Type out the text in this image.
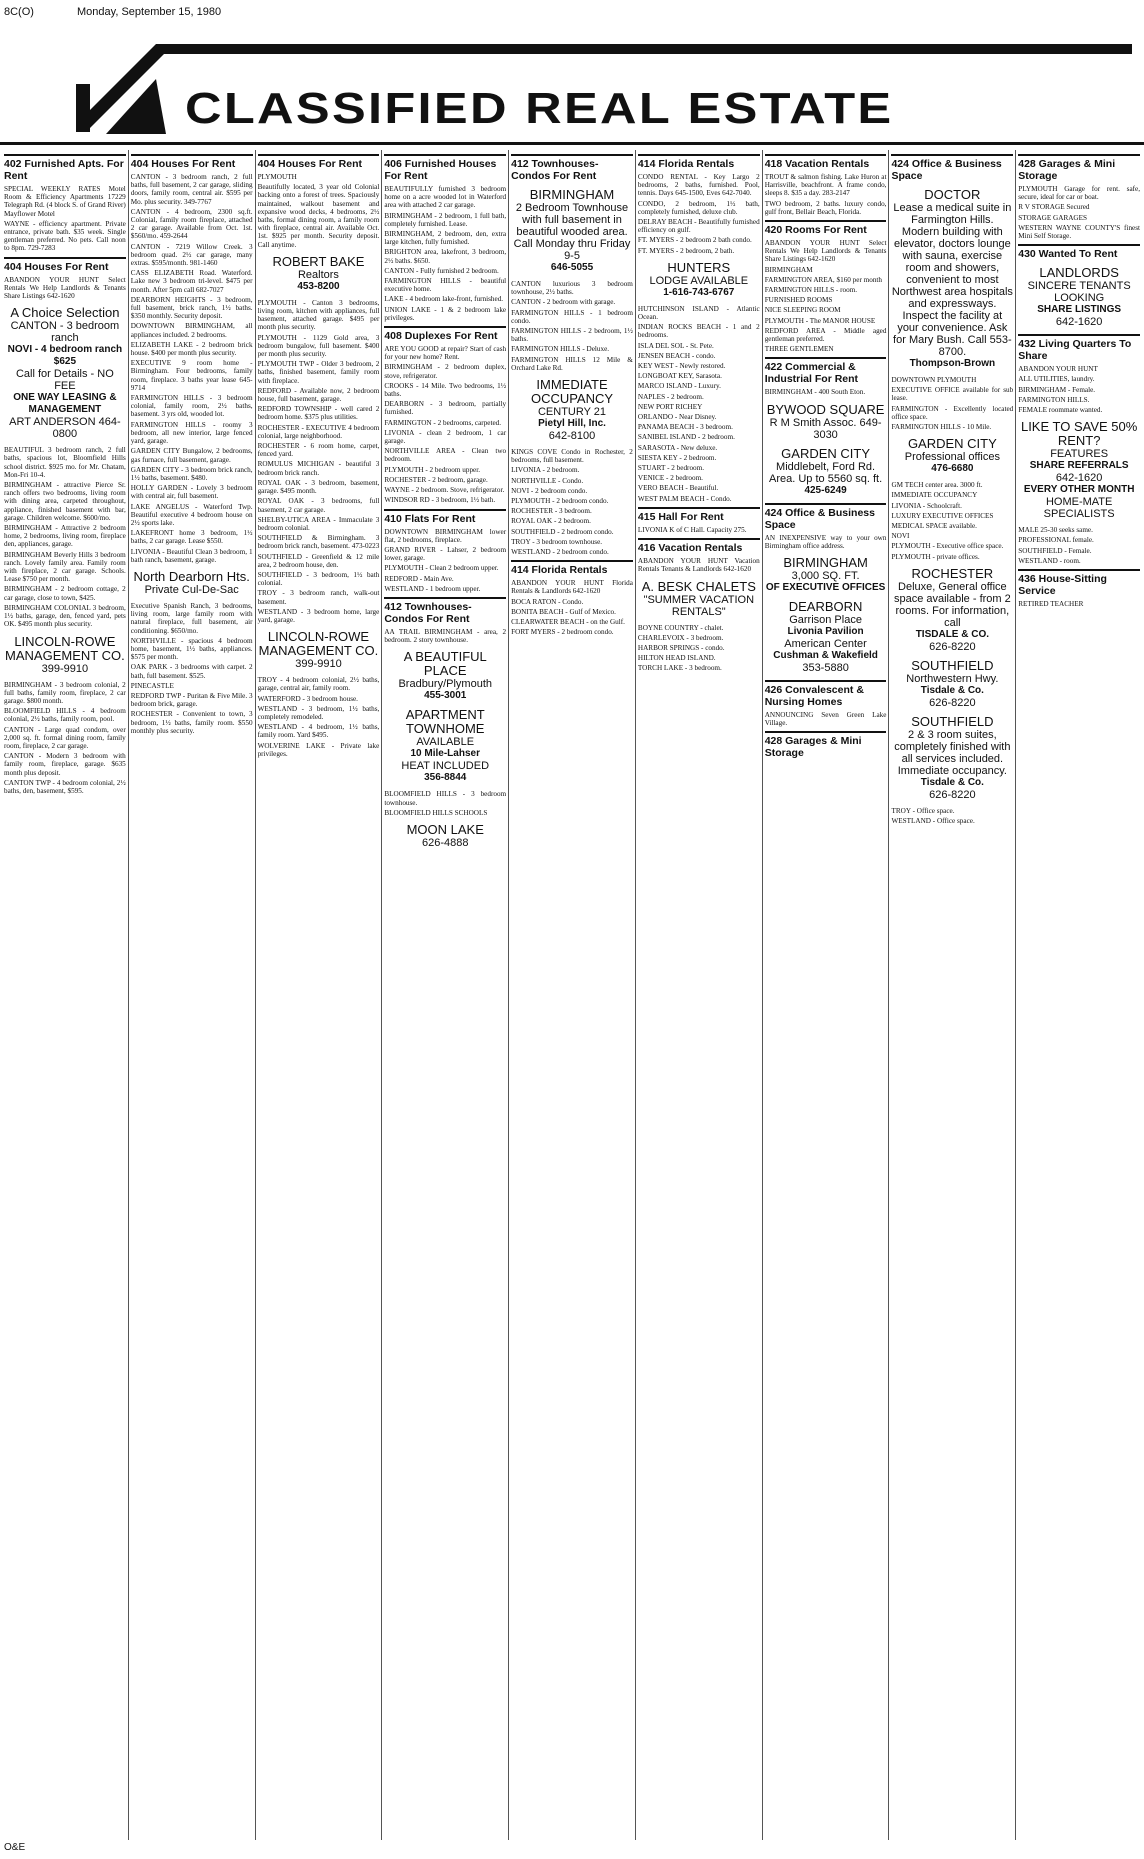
8C(O)	Monday, September 15, 1980
CLASSIFIED REAL ESTATE
402 Furnished Apts. For Rent

SPECIAL WEEKLY RATES Motel Room & Efficiency Apartments 17229 Telegraph Rd. (4 block S. of Grand River) Mayflower Motel

WAYNE - efficiency apartment. Private entrance, private bath. $35 week. Single gentleman preferred. No pets. Call noon to 8pm. 729-7283

404 Houses For Rent

ABANDON YOUR HUNT Select Rentals We Help Landlords & Tenants Share Listings 642-1620

A Choice Selection
CANTON - 3 bedroom ranch
NOVI - 4 bedroom ranch $625
Call for Details - NO FEE
ONE WAY LEASING & MANAGEMENT
ART ANDERSON 464-0800

BEAUTIFUL 3 bedroom ranch, 2 full baths, spacious lot, Bloomfield Hills school district. $925 mo. for Mr. Chatam, Mon-Fri 10-4.

BIRMINGHAM - attractive Pierce Sr. ranch offers two bedrooms, living room with dining area, carpeted throughout, appliance, finished basement with bar, garage. Children welcome. $600/mo.

BIRMINGHAM - Attractive 2 bedroom home, 2 bedrooms, living room, fireplace den, appliances, garage.

BIRMINGHAM Beverly Hills 3 bedroom ranch. Lovely family area. Family room with fireplace, 2 car garage. Schools. Lease $750 per month.

BIRMINGHAM - 2 bedroom cottage, 2 car garage, close to town, $425.

BIRMINGHAM COLONIAL 3 bedroom, 1½ baths, garage, den, fenced yard, pets OK. $495 month plus security.

LINCOLN-ROWE MANAGEMENT CO.
399-9910

BIRMINGHAM - 3 bedroom colonial, 2 full baths, family room, fireplace, 2 car garage. $800 month.

BLOOMFIELD HILLS - 4 bedroom colonial, 2½ baths, family room, pool.

CANTON - Large quad condom, over 2,000 sq. ft. formal dining room, family room, fireplace, 2 car garage.

CANTON - Modern 3 bedroom with family room, fireplace, garage. $635 month plus deposit.

CANTON TWP - 4 bedroom colonial, 2½ baths, den, basement, $595.

404 Houses For Rent

CANTON - 3 bedroom ranch, 2 full baths, full basement, 2 car garage, sliding doors, family room, central air. $595 per Mo. plus security. 349-7767

CANTON - 4 bedroom, 2300 sq.ft. Colonial, family room fireplace, attached 2 car garage. Available from Oct. 1st. $560/mo. 459-2644

CANTON - 7219 Willow Creek. 3 bedroom quad. 2½ car garage, many extras. $595/month. 981-1460

CASS ELIZABETH Road. Waterford. Lake new 3 bedroom tri-level. $475 per month. After 5pm call 682-7027

DEARBORN HEIGHTS - 3 bedroom, full basement, brick ranch, 1½ baths. $350 monthly. Security deposit.

DOWNTOWN BIRMINGHAM, all appliances included. 2 bedrooms.

ELIZABETH LAKE - 2 bedroom brick house. $400 per month plus security.

EXECUTIVE 9 room home - Birmingham. Four bedrooms, family room, fireplace. 3 baths year lease 645-9714

FARMINGTON HILLS - 3 bedroom colonial, family room, 2½ baths, basement. 3 yrs old, wooded lot.

FARMINGTON HILLS - roomy 3 bedroom, all new interior, large fenced yard, garage.

GARDEN CITY Bungalow, 2 bedrooms, gas furnace, full basement, garage.

GARDEN CITY - 3 bedroom brick ranch, 1½ baths, basement. $480.

HOLLY GARDEN - Lovely 3 bedroom with central air, full basement.

LAKE ANGELUS - Waterford Twp. Beautiful executive 4 bedroom house on 2½ sports lake.

LAKEFRONT home 3 bedroom, 1½ baths, 2 car garage. Lease $550.

LIVONIA - Beautiful Clean 3 bedroom, 1 bath ranch, basement, garage.

North Dearborn Hts.
Private Cul-De-Sac

Executive Spanish Ranch, 3 bedrooms, living room, large family room with natural fireplace, full basement, air conditioning. $650/mo.

NORTHVILLE - spacious 4 bedroom home, basement, 1½ baths, appliances. $575 per month.

OAK PARK - 3 bedrooms with carpet. 2 bath, full basement. $525.

PINECASTLE

REDFORD TWP - Puritan & Five Mile. 3 bedroom brick, garage.

ROCHESTER - Convenient to town, 3 bedroom, 1½ baths, family room. $550 monthly plus security.

404 Houses For Rent

PLYMOUTH

Beautifully located, 3 year old Colonial backing onto a forest of trees. Spaciously maintained, walkout basement and expansive wood decks, 4 bedrooms, 2½ baths, formal dining room, a family room with fireplace, central air. Available Oct. 1st. $925 per month. Security deposit. Call anytime.

ROBERT BAKE
Realtors
453-8200

PLYMOUTH - Canton 3 bedrooms, living room, kitchen with appliances, full basement, attached garage. $495 per month plus security.

PLYMOUTH - 1129 Gold area, 3 bedroom bungalow, full basement. $400 per month plus security.

PLYMOUTH TWP - Older 3 bedroom, 2 baths, finished basement, family room with fireplace.

REDFORD - Available now, 2 bedroom house, full basement, garage.

REDFORD TOWNSHIP - well cared 2 bedroom home. $375 plus utilities.

ROCHESTER - EXECUTIVE 4 bedroom colonial, large neighborhood.

ROCHESTER - 6 room home, carpet, fenced yard.

ROMULUS MICHIGAN - beautiful 3 bedroom brick ranch.

ROYAL OAK - 3 bedroom, basement, garage. $495 month.

ROYAL OAK - 3 bedrooms, full basement, 2 car garage.

SHELBY-UTICA AREA - Immaculate 3 bedroom colonial.

SOUTHFIELD & Birmingham. 3 bedroom brick ranch, basement. 473-0223

SOUTHFIELD - Greenfield & 12 mile area, 2 bedroom house, den.

SOUTHFIELD - 3 bedroom, 1½ bath colonial.

TROY - 3 bedroom ranch, walk-out basement.

WESTLAND - 3 bedroom home, large yard, garage.

LINCOLN-ROWE MANAGEMENT CO.
399-9910

TROY - 4 bedroom colonial, 2½ baths, garage, central air, family room.

WATERFORD - 3 bedroom house.

WESTLAND - 3 bedroom, 1½ baths, completely remodeled.

WESTLAND - 4 bedroom, 1½ baths, family room. Yard $495.

WOLVERINE LAKE - Private lake privileges.

406 Furnished Houses For Rent

BEAUTIFULLY furnished 3 bedroom home on a acre wooded lot in Waterford area with attached 2 car garage.

BIRMINGHAM - 2 bedroom, 1 full bath, completely furnished. Lease.

BIRMINGHAM, 2 bedroom, den, extra large kitchen, fully furnished.

BRIGHTON area, lakefront, 3 bedroom, 2½ baths. $650.

CANTON - Fully furnished 2 bedroom.

FARMINGTON HILLS - beautiful executive home.

LAKE - 4 bedroom lake-front, furnished.

UNION LAKE - 1 & 2 bedroom lake privileges.

408 Duplexes For Rent

ARE YOU GOOD at repair? Start of cash for your new home? Rent.

BIRMINGHAM - 2 bedroom duplex, stove, refrigerator.

CROOKS - 14 Mile. Two bedrooms, 1½ baths.

DEARBORN - 3 bedroom, partially furnished.

FARMINGTON - 2 bedrooms, carpeted.

LIVONIA - clean 2 bedroom, 1 car garage.

NORTHVILLE AREA - Clean two bedroom.

PLYMOUTH - 2 bedroom upper.

ROCHESTER - 2 bedroom, garage.

WAYNE - 2 bedroom. Stove, refrigerator.

WINDSOR RD - 3 bedroom, 1½ bath.

410 Flats For Rent

DOWNTOWN BIRMINGHAM lower flat, 2 bedrooms, fireplace.

GRAND RIVER - Lahser, 2 bedroom lower, garage.

PLYMOUTH - Clean 2 bedroom upper.

REDFORD - Main Ave.

WESTLAND - 1 bedroom upper.

412 Townhouses-Condos For Rent

AA TRAIL BIRMINGHAM - area, 2 bedroom. 2 story townhouse.

A BEAUTIFUL PLACE
Bradbury/Plymouth
455-3001
APARTMENT TOWNHOME
AVAILABLE
10 Mile-Lahser
HEAT INCLUDED
356-8844

BLOOMFIELD HILLS - 3 bedroom townhouse.

BLOOMFIELD HILLS SCHOOLS

MOON LAKE
626-4888
412 Townhouses-Condos For Rent
BIRMINGHAM
2 Bedroom Townhouse with full basement in beautiful wooded area. Call Monday thru Friday 9-5
646-5055

CANTON luxurious 3 bedroom townhouse, 2½ baths.

CANTON - 2 bedroom with garage.

FARMINGTON HILLS - 1 bedroom condo.

FARMINGTON HILLS - 2 bedroom, 1½ baths.

FARMINGTON HILLS - Deluxe.

FARMINGTON HILLS 12 Mile & Orchard Lake Rd.

IMMEDIATE OCCUPANCY
CENTURY 21
Pietyl Hill, Inc.
642-8100

KINGS COVE Condo in Rochester, 2 bedrooms, full basement.

LIVONIA - 2 bedroom.

NORTHVILLE - Condo.

NOVI - 2 bedroom condo.

PLYMOUTH - 2 bedroom condo.

ROCHESTER - 3 bedroom.

ROYAL OAK - 2 bedroom.

SOUTHFIELD - 2 bedroom condo.

TROY - 3 bedroom townhouse.

WESTLAND - 2 bedroom condo.

414 Florida Rentals

ABANDON YOUR HUNT Florida Rentals & Landlords 642-1620

BOCA RATON - Condo.

BONITA BEACH - Gulf of Mexico.

CLEARWATER BEACH - on the Gulf.

FORT MYERS - 2 bedroom condo.

414 Florida Rentals

CONDO RENTAL - Key Largo 2 bedrooms, 2 baths, furnished. Pool, tennis. Days 645-1500, Eves 642-7040.

CONDO, 2 bedroom, 1½ bath, completely furnished, deluxe club.

DELRAY BEACH - Beautifully furnished efficiency on gulf.

FT. MYERS - 2 bedroom 2 bath condo.

FT. MYERS - 2 bedroom, 2 bath.

HUNTERS
LODGE AVAILABLE
1-616-743-6767

HUTCHINSON ISLAND - Atlantic Ocean.

INDIAN ROCKS BEACH - 1 and 2 bedrooms.

ISLA DEL SOL - St. Pete.

JENSEN BEACH - condo.

KEY WEST - Newly restored.

LONGBOAT KEY, Sarasota.

MARCO ISLAND - Luxury.

NAPLES - 2 bedroom.

NEW PORT RICHEY

ORLANDO - Near Disney.

PANAMA BEACH - 3 bedroom.

SANIBEL ISLAND - 2 bedroom.

SARASOTA - New deluxe.

SIESTA KEY - 2 bedroom.

STUART - 2 bedroom.

VENICE - 2 bedroom.

VERO BEACH - Beautiful.

WEST PALM BEACH - Condo.

415 Hall For Rent

LIVONIA K of C Hall. Capacity 275.

416 Vacation Rentals

ABANDON YOUR HUNT Vacation Rentals Tenants & Landlords 642-1620

A. BESK CHALETS
"SUMMER VACATION RENTALS"

BOYNE COUNTRY - chalet.

CHARLEVOIX - 3 bedroom.

HARBOR SPRINGS - condo.

HILTON HEAD ISLAND.

TORCH LAKE - 3 bedroom.

418 Vacation Rentals

TROUT & salmon fishing. Lake Huron at Harrisville, beachfront. A frame condo, sleeps 8. $35 a day. 283-2147

TWO bedroom, 2 baths. luxury condo, gulf front, Bellair Beach, Florida.

420 Rooms For Rent

ABANDON YOUR HUNT Select Rentals We Help Landlords & Tenants Share Listings 642-1620

BIRMINGHAM

FARMINGTON AREA, $160 per month

FARMINGTON HILLS - room.

FURNISHED ROOMS

NICE SLEEPING ROOM

PLYMOUTH - The MANOR HOUSE

REDFORD AREA - Middle aged gentleman preferred.

THREE GENTLEMEN

422 Commercial & Industrial For Rent

BIRMINGHAM - 400 South Eton.

BYWOOD SQUARE
R M Smith Assoc. 649-3030
GARDEN CITY
Middlebelt, Ford Rd. Area. Up to 5560 sq. ft.
425-6249
424 Office & Business Space

AN INEXPENSIVE way to your own Birmingham office address.

BIRMINGHAM
3,000 SQ. FT.
OF EXECUTIVE OFFICES
DEARBORN
Garrison Place
Livonia Pavilion
American Center
Cushman & Wakefield
353-5880
426 Convalescent & Nursing Homes

ANNOUNCING Seven Green Lake Village.

428 Garages & Mini Storage
424 Office & Business Space
DOCTOR
Lease a medical suite in Farmington Hills. Modern building with elevator, doctors lounge with sauna, exercise room and showers, convenient to most Northwest area hospitals and expressways. Inspect the facility at your convenience. Ask for Mary Bush. Call 553-8700.
Thompson-Brown

DOWNTOWN PLYMOUTH

EXECUTIVE OFFICE available for sub lease.

FARMINGTON - Excellently located office space.

FARMINGTON HILLS - 10 Mile.

GARDEN CITY
Professional offices
476-6680

GM TECH center area. 3000 ft.

IMMEDIATE OCCUPANCY

LIVONIA - Schoolcraft.

LUXURY EXECUTIVE OFFICES

MEDICAL SPACE available.

NOVI

PLYMOUTH - Executive office space.

PLYMOUTH - private offices.

ROCHESTER
Deluxe, General office space available - from 2 rooms. For information, call
TISDALE & CO.
626-8220
SOUTHFIELD
Northwestern Hwy.
Tisdale & Co.
626-8220
SOUTHFIELD
2 & 3 room suites, completely finished with all services included. Immediate occupancy.
Tisdale & Co.
626-8220

TROY - Office space.

WESTLAND - Office space.

428 Garages & Mini Storage

PLYMOUTH Garage for rent. safe, secure, ideal for car or boat.

R V STORAGE Secured

STORAGE GARAGES

WESTERN WAYNE COUNTY'S finest Mini Self Storage.

430 Wanted To Rent
LANDLORDS
SINCERE TENANTS LOOKING
SHARE LISTINGS
642-1620
432 Living Quarters To Share

ABANDON YOUR HUNT

ALL UTILITIES, laundry.

BIRMINGHAM - Female.

FARMINGTON HILLS.

FEMALE roommate wanted.

LIKE TO SAVE 50% RENT?
FEATURES
SHARE REFERRALS
642-1620
EVERY OTHER MONTH
HOME-MATE SPECIALISTS

MALE 25-30 seeks same.

PROFESSIONAL female.

SOUTHFIELD - Female.

WESTLAND - room.

436 House-Sitting Service

RETIRED TEACHER

O&E
